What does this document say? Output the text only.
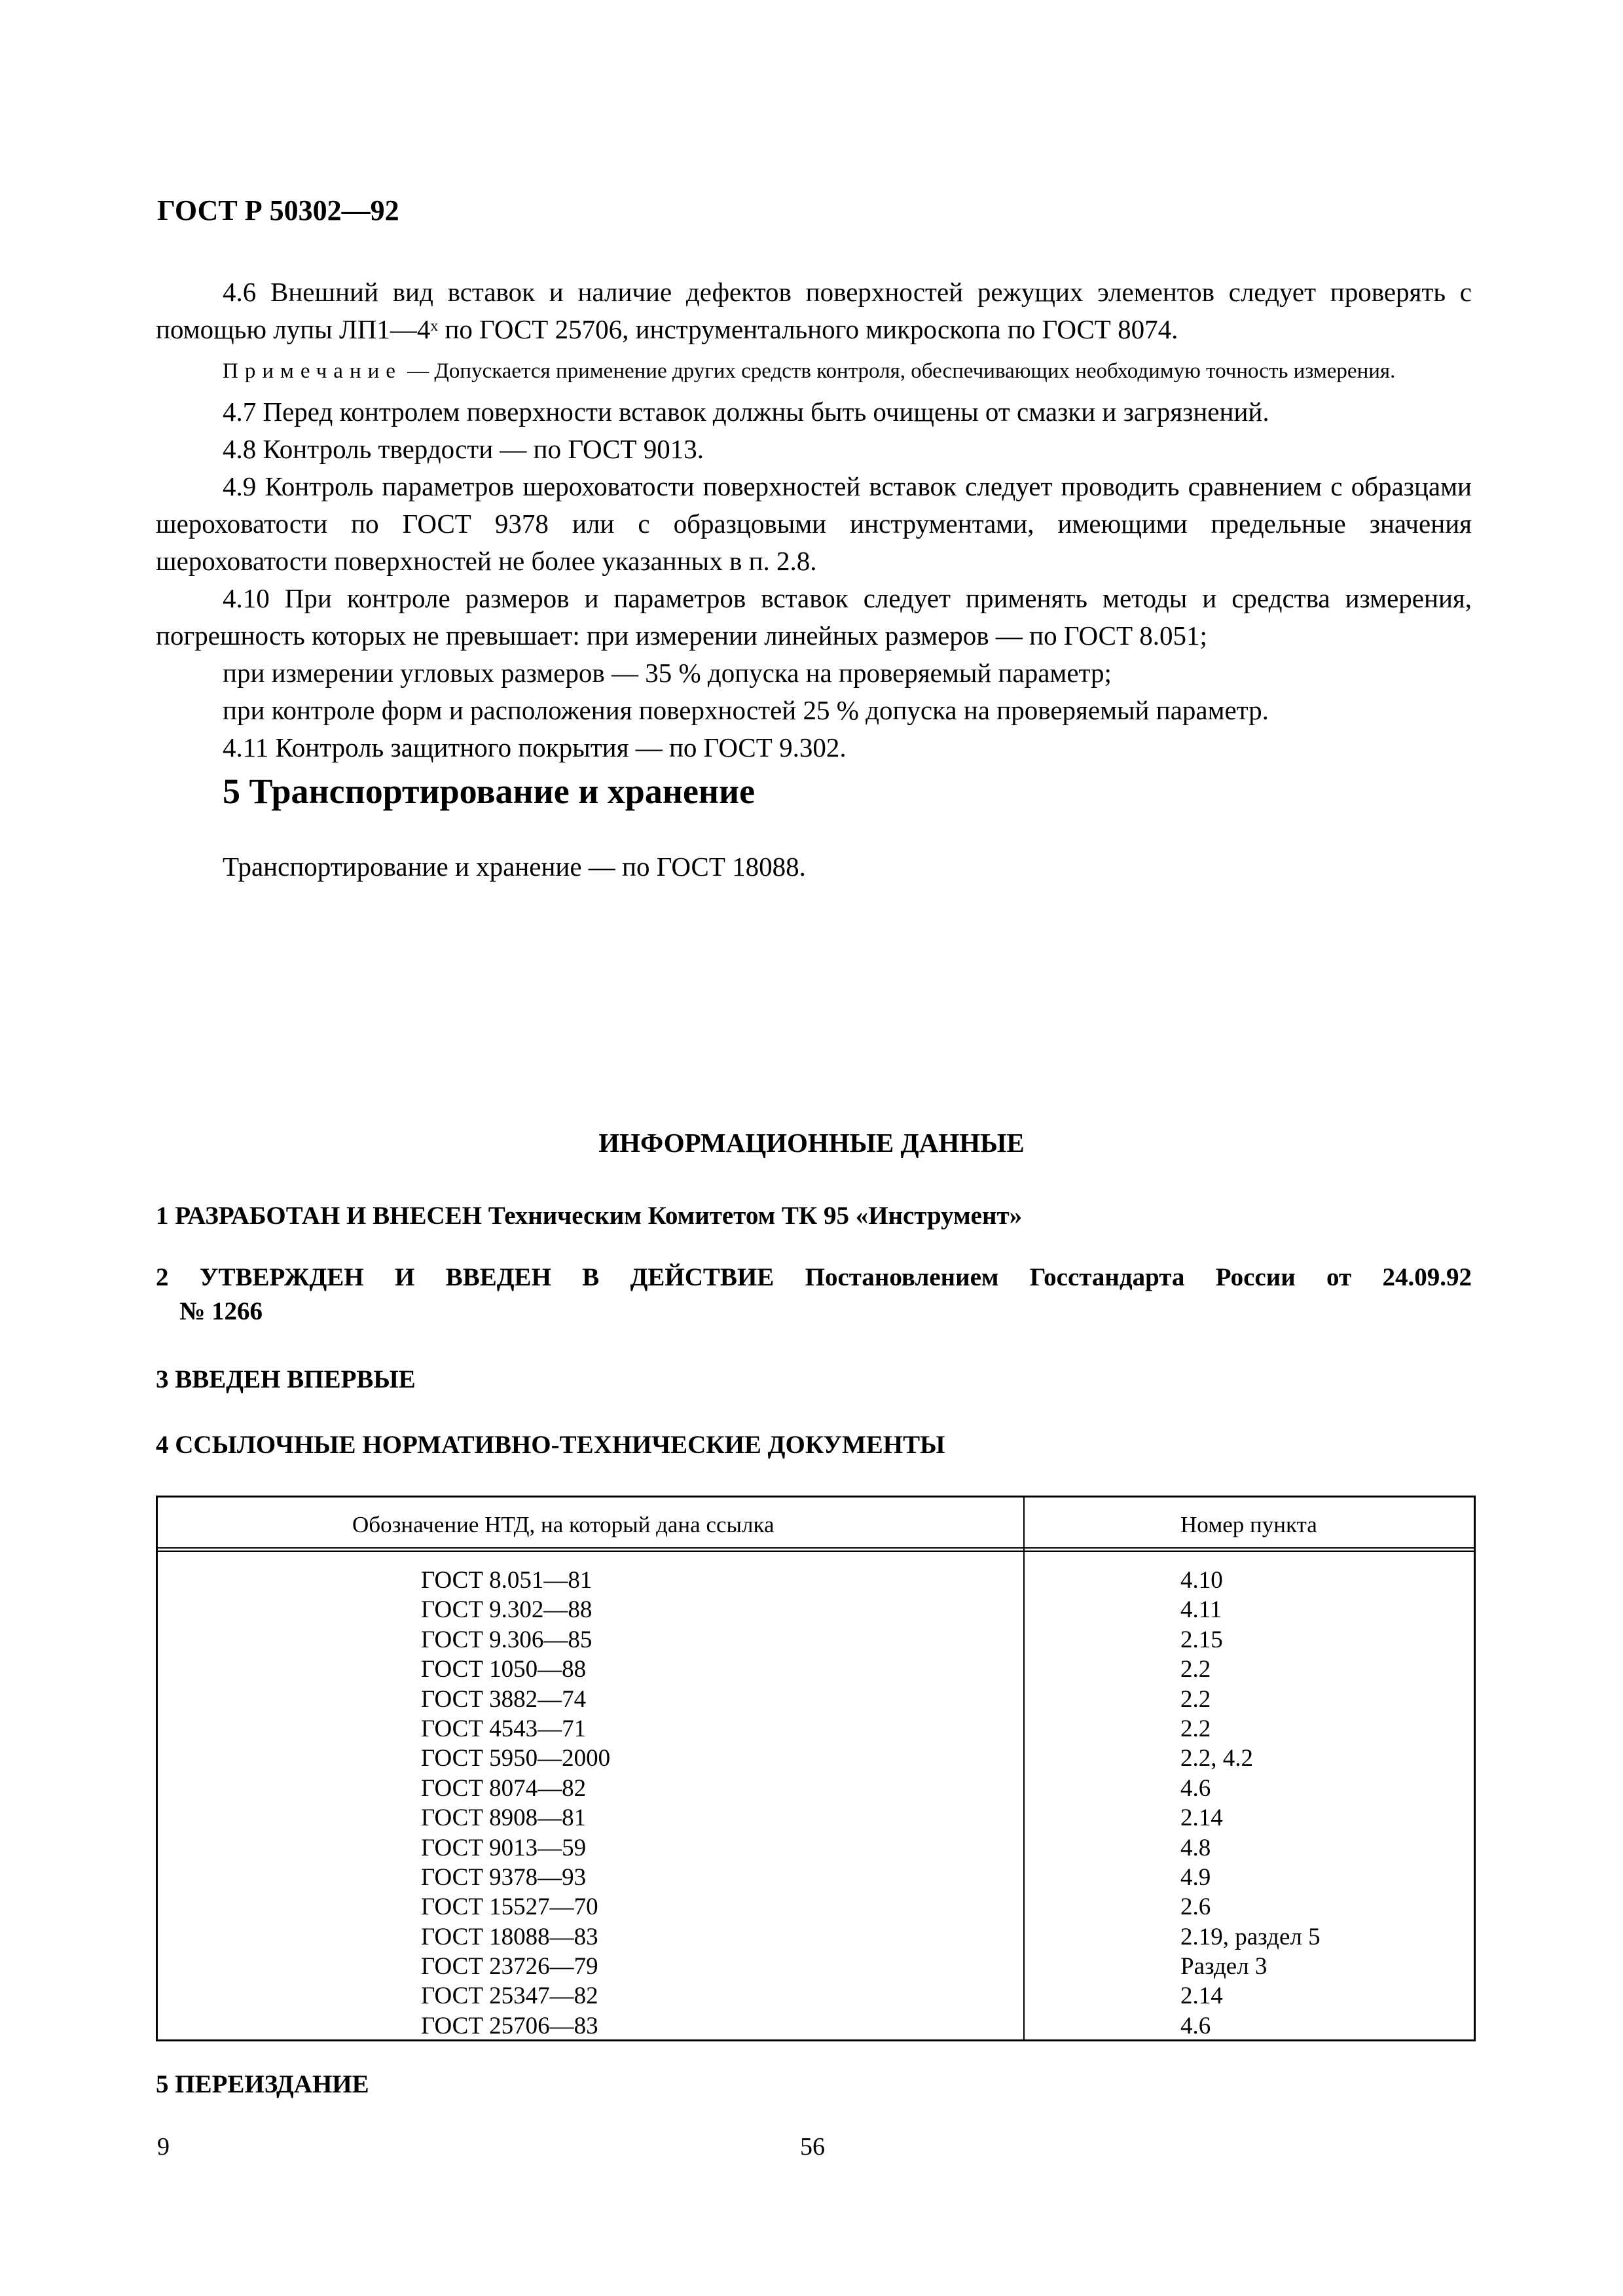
ГОСТ Р 50302—92

4.6 Внешний вид вставок и наличие дефектов поверхностей режущих элементов следует проверять с помощью лупы ЛП1—4ˣ по ГОСТ 25706, инструментального микроскопа по ГОСТ 8074.

Примечание — Допускается применение других средств контроля, обеспечивающих необходимую точность измерения.

4.7 Перед контролем поверхности вставок должны быть очищены от смазки и загрязнений.

4.8 Контроль твердости — по ГОСТ 9013.

4.9 Контроль параметров шероховатости поверхностей вставок следует проводить сравнением с образцами шероховатости по ГОСТ 9378 или с образцовыми инструментами, имеющими предельные значения шероховатости поверхностей не более указанных в п. 2.8.

4.10 При контроле размеров и параметров вставок следует применять методы и средства измерения, погрешность которых не превышает: при измерении линейных размеров — по ГОСТ 8.051;

при измерении угловых размеров — 35 % допуска на проверяемый параметр;

при контроле форм и расположения поверхностей 25 % допуска на проверяемый параметр.

4.11 Контроль защитного покрытия — по ГОСТ 9.302.

5 Транспортирование и хранение
Транспортирование и хранение — по ГОСТ 18088.
ИНФОРМАЦИОННЫЕ ДАННЫЕ
1 РАЗРАБОТАН И ВНЕСЕН Техническим Комитетом ТК 95 «Инструмент»
2 УТВЕРЖДЕН И ВВЕДЕН В ДЕЙСТВИЕ Постановлением Госстандарта России от 24.09.92
№ 1266
3 ВВЕДЕН ВПЕРВЫЕ
4 ССЫЛОЧНЫЕ НОРМАТИВНО-ТЕХНИЧЕСКИЕ ДОКУМЕНТЫ
Обозначение НТД, на который дана ссылка	Номер пункта
ГОСТ 8.051—81	4.10
ГОСТ 9.302—88	4.11
ГОСТ 9.306—85	2.15
ГОСТ 1050—88	2.2
ГОСТ 3882—74	2.2
ГОСТ 4543—71	2.2
ГОСТ 5950—2000	2.2, 4.2
ГОСТ 8074—82	4.6
ГОСТ 8908—81	2.14
ГОСТ 9013—59	4.8
ГОСТ 9378—93	4.9
ГОСТ 15527—70	2.6
ГОСТ 18088—83	2.19, раздел 5
ГОСТ 23726—79	Раздел 3
ГОСТ 25347—82	2.14
ГОСТ 25706—83	4.6
5 ПЕРЕИЗДАНИЕ
9	56
